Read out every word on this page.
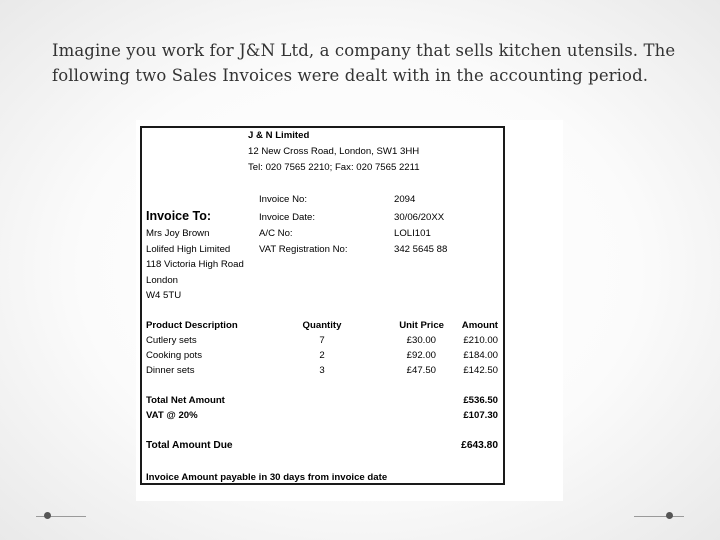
Imagine you work for J&N Ltd, a company that sells kitchen utensils. The
following two Sales Invoices were dealt with in the accounting period.
J & N Limited
12 New Cross Road, London, SW1 3HH
Tel: 020 7565 2210; Fax: 020 7565 2211
Invoice No:	2094
Invoice To:	Invoice Date:	30/06/20XX
Mrs Joy Brown	A/C No:	LOLI101
Lolifed High Limited	VAT Registration No:	342 5645 88
118 Victoria High Road
London
W4 5TU
Product Description	Quantity	Unit Price	Amount
Cutlery sets	7	£30.00	£210.00
Cooking pots	2	£92.00	£184.00
Dinner sets	3	£47.50	£142.50
Total Net Amount	£536.50
VAT @ 20%	£107.30
Total Amount Due	£643.80
Invoice Amount payable in 30 days from invoice date
